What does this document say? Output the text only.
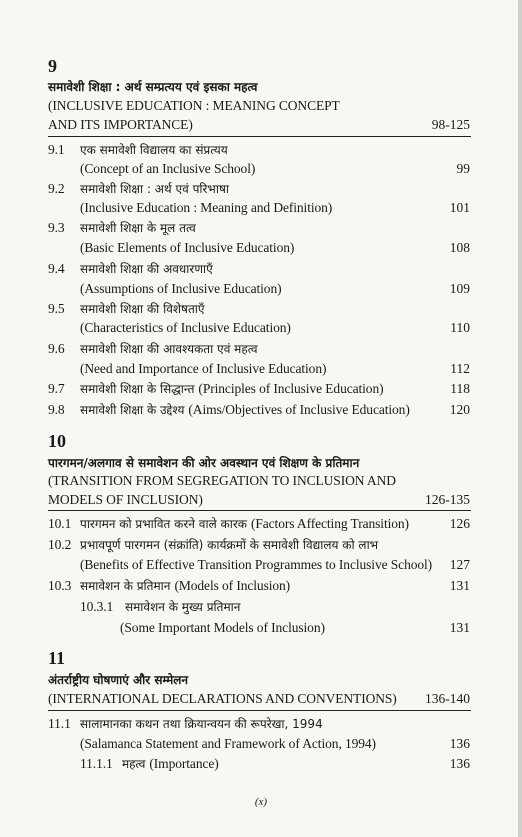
9
समावेशी शिक्षा : अर्थ सम्प्रत्यय एवं इसका महत्व
(INCLUSIVE EDUCATION : MEANING CONCEPT
AND ITS IMPORTANCE)	98-125
9.1 एक समावेशी विद्यालय का संप्रत्यय
(Concept of an Inclusive School)	99
9.2 समावेशी शिक्षा : अर्थ एवं परिभाषा
(Inclusive Education : Meaning and Definition)	101
9.3 समावेशी शिक्षा के मूल तत्व
(Basic Elements of Inclusive Education)	108
9.4 समावेशी शिक्षा की अवधारणाएँ
(Assumptions of Inclusive Education)	109
9.5 समावेशी शिक्षा की विशेषताएँ
(Characteristics of Inclusive Education)	110
9.6 समावेशी शिक्षा की आवश्यकता एवं महत्व
(Need and Importance of Inclusive Education)	112
9.7 समावेशी शिक्षा के सिद्धान्त (Principles of Inclusive Education)	118
9.8 समावेशी शिक्षा के उद्देश्य (Aims/Objectives of Inclusive Education)	120
10
पारगमन/अलगाव से समावेशन की ओर अवस्थान एवं शिक्षण के प्रतिमान
(TRANSITION FROM SEGREGATION TO INCLUSION AND
MODELS OF INCLUSION)	126-135
10.1 पारगमन को प्रभावित करने वाले कारक (Factors Affecting Transition)	126
10.2 प्रभावपूर्ण पारगमन (संक्रांति) कार्यक्रमों के समावेशी विद्यालय को लाभ
(Benefits of Effective Transition Programmes to Inclusive School) 127
10.3 समावेशन के प्रतिमान (Models of Inclusion)	131
10.3.1 समावेशन के मुख्य प्रतिमान
(Some Important Models of Inclusion)	131
11
अंतर्राष्ट्रीय घोषणाएं और सम्मेलन
(INTERNATIONAL DECLARATIONS AND CONVENTIONS) 136-140
11.1 सालामानका कथन तथा क्रियान्वयन की रूपरेखा, 1994
(Salamanca Statement and Framework of Action, 1994)	136
11.1.1 महत्व (Importance)	136
(x)
